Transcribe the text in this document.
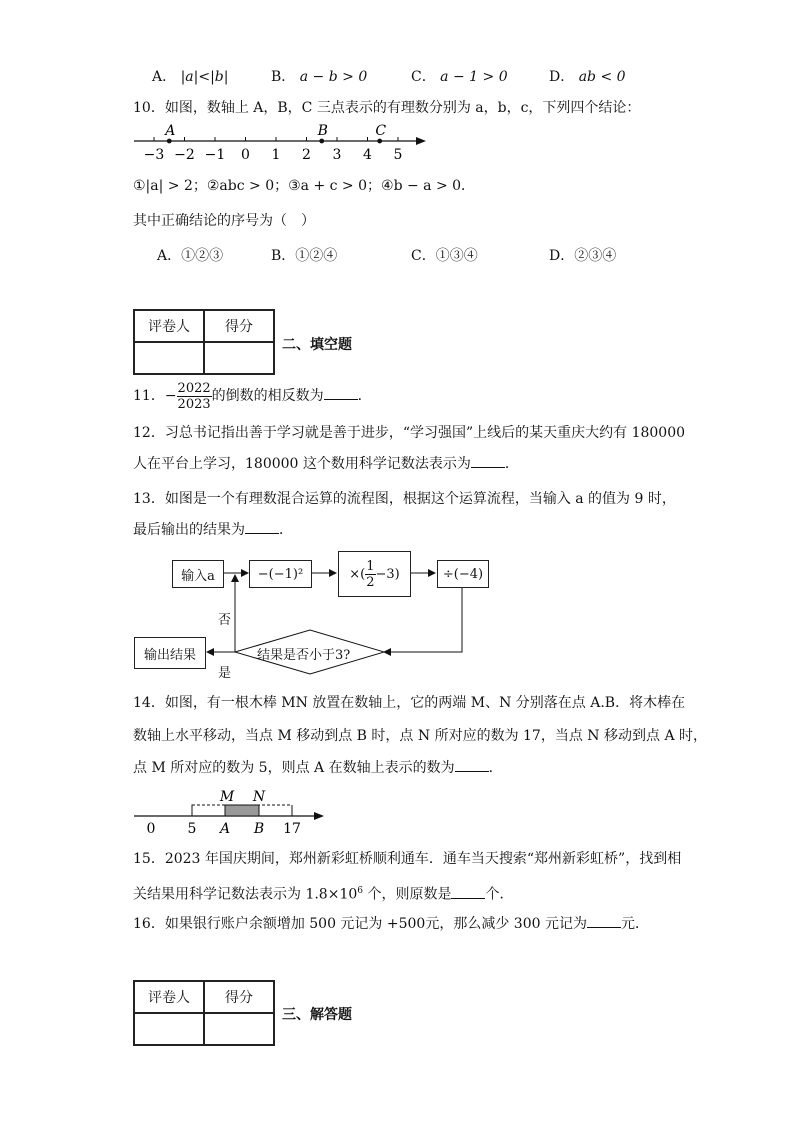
A． |a|<|b|	B． a − b > 0	C． a − 1 > 0	D． ab < 0
10．如图，数轴上 A，B，C 三点表示的有理数分别为 a，b，c，下列四个结论：
−3 −2 −1 0 1 2 3 4 5
A	B	C
①|a| > 2；②abc > 0；③a + c > 0；④b − a > 0．
其中正确结论的序号为（　）
A．①②③	B．①②④	C．①③④	D．②③④
评卷人	得分

二、填空题
11．− $\frac{2022}{2023}$ 的倒数的相反数为 ．
12．习总书记指出善于学习就是善于进步，“学习强国”上线后的某天重庆大约有 180000
人在平台上学习，180000 这个数用科学记数法表示为 ．
13．如图是一个有理数混合运算的流程图，根据这个运算流程，当输入 a 的值为 9 时，
最后输出的结果为 ．
输入a	−(−1)²	×( $\frac{1}{2} -3$)	÷(−4)
结果是否小于3?
输出结果
否
是
14．如图，有一根木棒 MN 放置在数轴上，它的两端 M、N 分别落在点 A.B．将木棒在
数轴上水平移动，当点 M 移动到点 B 时，点 N 所对应的数为 17，当点 N 移动到点 A 时，
点 M 所对应的数为 5，则点 A 在数轴上表示的数为 ．
0 5 A B 17
M N
15．2023 年国庆期间，郑州新彩虹桥顺利通车．通车当天搜索“郑州新彩虹桥”，找到相
关结果用科学记数法表示为 $1.8\times 10^6$ 个，则原数是 个．
16．如果银行账户余额增加 500 元记为 +500元，那么减少 300 元记为 元．
评卷人	得分

三、解答题
